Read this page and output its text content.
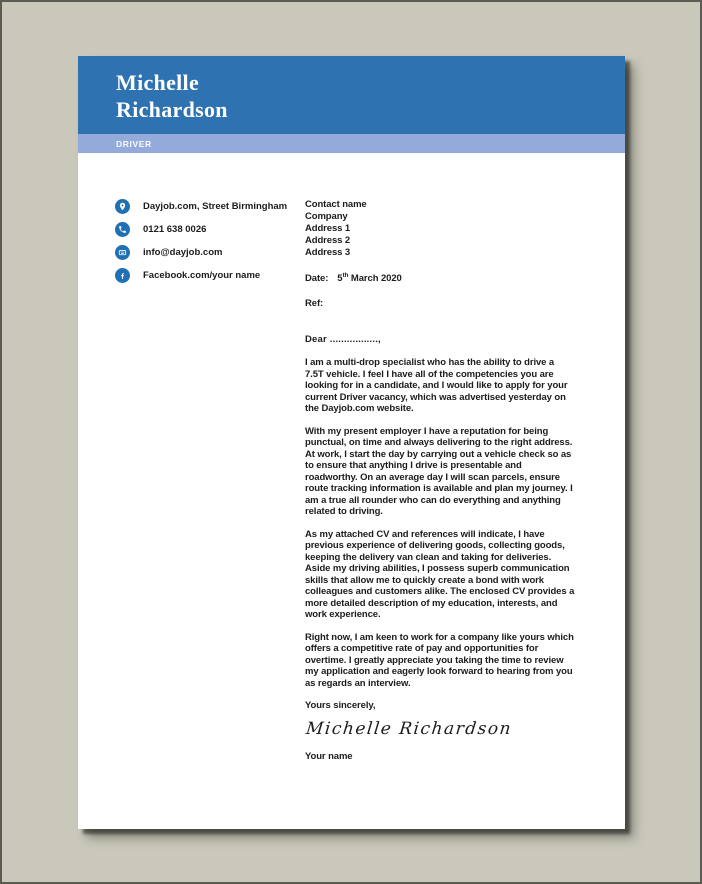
Michelle
Richardson
DRIVER
Dayjob.com, Street Birmingham
0121 638 0026
info@dayjob.com
Facebook.com/your name
Contact name
Company
Address 1
Address 2
Address 3
Date: 5th March 2020
Ref:
Dear .................,

I am a multi-drop specialist who has the ability to drive a 7.5T vehicle. I feel I have all of the competencies you are looking for in a candidate, and I would like to apply for your current Driver vacancy, which was advertised yesterday on the Dayjob.com website.

With my present employer I have a reputation for being punctual, on time and always delivering to the right address. At work, I start the day by carrying out a vehicle check so as to ensure that anything I drive is presentable and roadworthy. On an average day I will scan parcels, ensure route tracking information is available and plan my journey. I am a true all rounder who can do everything and anything related to driving.

As my attached CV and references will indicate, I have previous experience of delivering goods, collecting goods, keeping the delivery van clean and taking for deliveries. Aside my driving abilities, I possess superb communication skills that allow me to quickly create a bond with work colleagues and customers alike. The enclosed CV provides a more detailed description of my education, interests, and work experience.

Right now, I am keen to work for a company like yours which offers a competitive rate of pay and opportunities for overtime. I greatly appreciate you taking the time to review my application and eagerly look forward to hearing from you as regards an interview.

Yours sincerely,
Michelle Richardson
Your name
